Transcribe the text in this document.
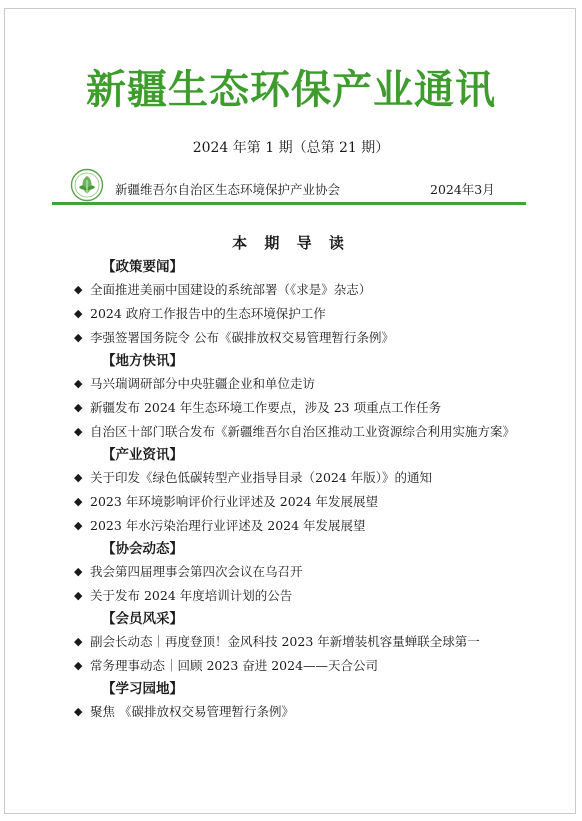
新疆生态环保产业通讯
2024 年第 1 期（总第 21 期）
新疆维吾尔自治区生态环境保护产业协会	2024年3月
本 期 导 读
【政策要闻】
◆ 全面推进美丽中国建设的系统部署（《求是》杂志）
◆ 2024 政府工作报告中的生态环境保护工作
◆ 李强签署国务院令 公布《碳排放权交易管理暂行条例》
【地方快讯】
◆ 马兴瑞调研部分中央驻疆企业和单位走访
◆ 新疆发布 2024 年生态环境工作要点，涉及 23 项重点工作任务
◆ 自治区十部门联合发布《新疆维吾尔自治区推动工业资源综合利用实施方案》
【产业资讯】
◆ 关于印发《绿色低碳转型产业指导目录（2024 年版）》的通知
◆ 2023 年环境影响评价行业评述及 2024 年发展展望
◆ 2023 年水污染治理行业评述及 2024 年发展展望
【协会动态】
◆ 我会第四届理事会第四次会议在乌召开
◆ 关于发布 2024 年度培训计划的公告
【会员风采】
◆ 副会长动态｜再度登顶！金风科技 2023 年新增装机容量蝉联全球第一
◆ 常务理事动态｜回顾 2023 奋进 2024——天合公司
【学习园地】
◆ 聚焦 《碳排放权交易管理暂行条例》
